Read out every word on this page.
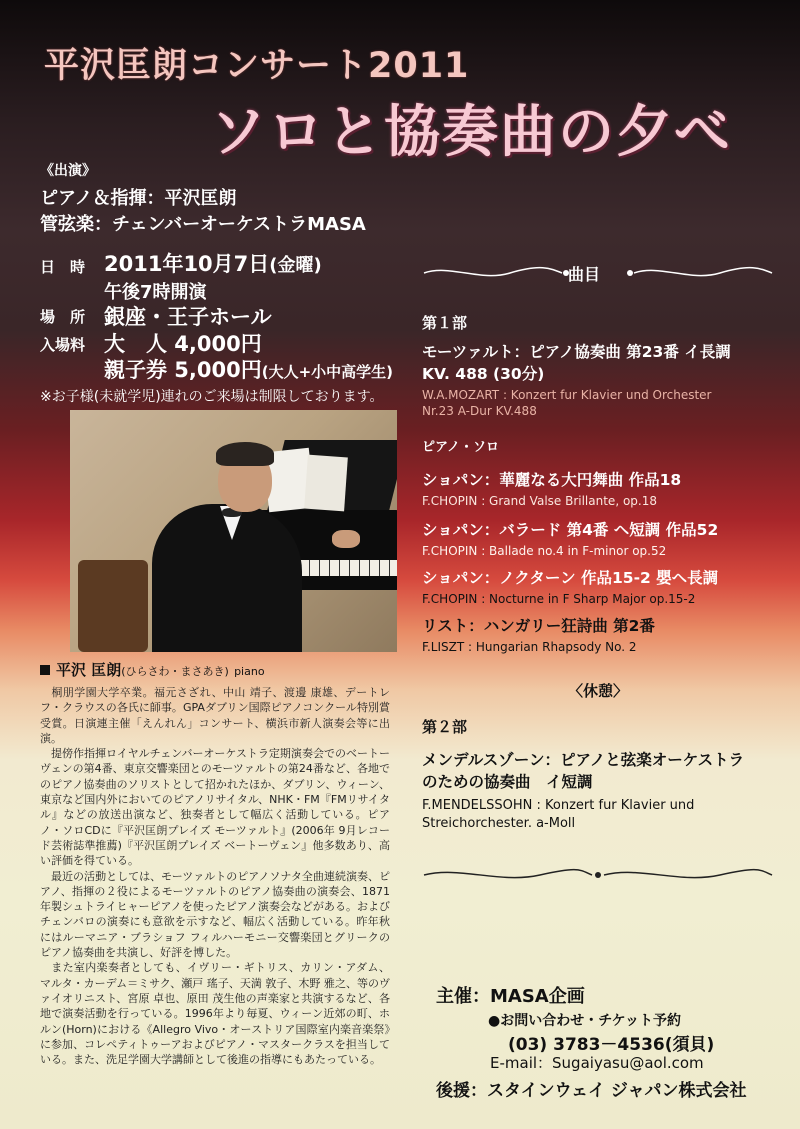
平沢匡朗コンサート2011
ソロと協奏曲の夕べ
《出演》
ピアノ＆指揮：平沢匡朗
管弦楽：チェンバーオーケストラMASA
日　時 2011年10月7日(金曜)
午後7時開演
場　所 銀座・王子ホール
入場料 大　人 4,000円
親子券 5,000円(大人+小中高学生)
※お子様(未就学児)連れのご来場は制限しております。
平沢 匡朗(ひらさわ・まさあき) piano
　桐朋学園大学卒業。福元さざれ、中山 靖子、渡邊 康雄、デートレフ・クラウスの各氏に師事。GPAダブリン国際ピアノコンクール特別賞受賞。日演連主催「えんれん」コンサート、横浜市新人演奏会等に出演。
　提傍作指揮ロイヤルチェンバーオーケストラ定期演奏会でのベートーヴェンの第4番、東京交響楽団とのモーツァルトの第24番など、各地でのピアノ協奏曲のソリストとして招かれたほか、ダブリン、ウィーン、東京など国内外においてのピアノリサイタル、NHK・FM『FMリサイタル』などの放送出演など、独奏者として幅広く活動している。ピアノ・ソロCDに『平沢匡朗プレイズ モーツァルト』(2006年 9月レコード芸術誌準推薦)『平沢匡朗プレイズ ベートーヴェン』他多数あり、高い評価を得ている。
　最近の活動としては、モーツァルトのピアノソナタ全曲連続演奏、ピアノ、指揮の２役によるモーツァルトのピアノ協奏曲の演奏会、1871年製シュトライヒャーピアノを使ったピアノ演奏会などがある。およびチェンバロの演奏にも意欲を示すなど、幅広く活動している。昨年秋にはルーマニア・ブラショフ フィルハーモニー交響楽団とグリークのピアノ協奏曲を共演し、好評を博した。
　また室内楽奏者としても、イヴリー・ギトリス、カリン・アダム、マルタ・カーデム＝ミサク、瀬戸 瑤子、天満 敦子、木野 雅之、等のヴァイオリニスト、宮原 卓也、原田 茂生他の声楽家と共演するなど、各地で演奏活動を行っている。1996年より毎夏、ウィーン近郊の町、ホルン(Horn)における《Allegro Vivo・オーストリア国際室内楽音楽祭》に参加、コレペティトゥーアおよびピアノ・マスタークラスを担当している。また、洗足学園大学講師として後進の指導にもあたっている。
曲目
第１部
モーツァルト：ピアノ協奏曲 第23番 イ長調
KV. 488 (30分)
W.A.MOZART : Konzert fur Klavier und Orchester
Nr.23 A-Dur KV.488
ピアノ・ソロ
ショパン：華麗なる大円舞曲 作品18
F.CHOPIN : Grand Valse Brillante, op.18
ショパン：バラード 第4番 ヘ短調 作品52
F.CHOPIN : Ballade no.4 in F-minor op.52
ショパン：ノクターン 作品15-2 嬰ヘ長調
F.CHOPIN : Nocturne in F Sharp Major op.15-2
リスト：ハンガリー狂詩曲 第2番
F.LISZT : Hungarian Rhapsody No. 2
〈休憩〉
第２部
メンデルスゾーン：ピアノと弦楽オーケストラ
のための協奏曲　イ短調
F.MENDELSSOHN : Konzert fur Klavier und
Streichorchester. a-Moll
主催：MASA企画
●お問い合わせ・チケット予約
(03) 3783－4536(須貝)
E-mail：Sugaiyasu@aol.com
後援：スタインウェイ ジャパン株式会社
